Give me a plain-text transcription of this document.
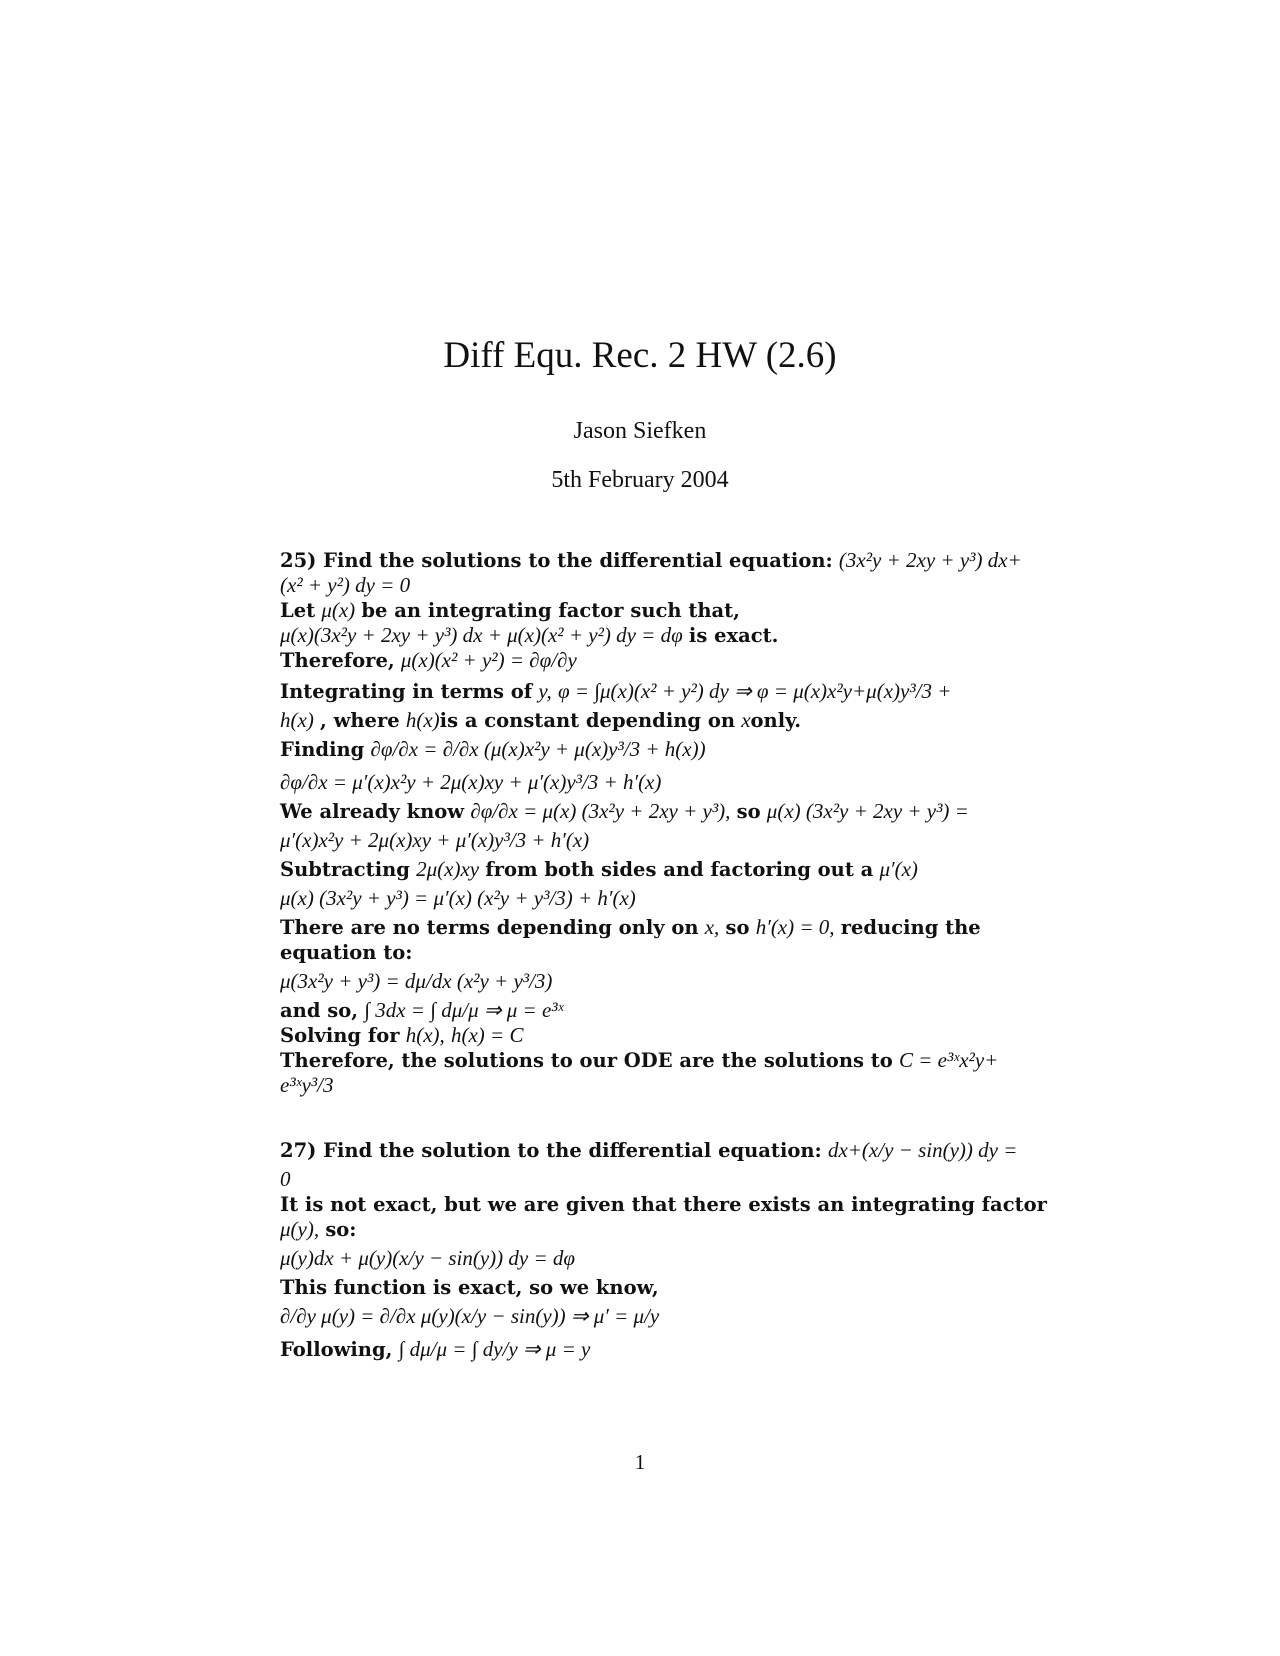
Diff Equ. Rec. 2 HW (2.6)
Jason Siefken
5th February 2004
25) Find the solutions to the differential equation: (3x²y + 2xy + y³) dx+
(x² + y²) dy = 0
Let μ(x) be an integrating factor such that,
μ(x)(3x²y + 2xy + y³) dx + μ(x)(x² + y²) dy = dφ is exact.
Therefore, μ(x)(x² + y²) = ∂φ/∂y
Integrating in terms of y, φ = ∫μ(x)(x² + y²) dy ⇒ φ = μ(x)x²y+μ(x)y³/3 +
h(x) , where h(x)is a constant depending on xonly.
Finding ∂φ/∂x = ∂/∂x (μ(x)x²y + μ(x)y³/3 + h(x))
∂φ/∂x = μ′(x)x²y + 2μ(x)xy + μ′(x)y³/3 + h′(x)
We already know ∂φ/∂x = μ(x) (3x²y + 2xy + y³), so μ(x) (3x²y + 2xy + y³) =
μ′(x)x²y + 2μ(x)xy + μ′(x)y³/3 + h′(x)
Subtracting 2μ(x)xy from both sides and factoring out a μ′(x)
μ(x) (3x²y + y³) = μ′(x) (x²y + y³/3) + h′(x)
There are no terms depending only on x, so h′(x) = 0, reducing the
equation to:
μ(3x²y + y³) = dμ/dx (x²y + y³/3)
and so, ∫ 3dx = ∫ dμ/μ ⇒ μ = e³ˣ
Solving for h(x), h(x) = C
Therefore, the solutions to our ODE are the solutions to C = e³ˣx²y+
e³ˣy³/3
27) Find the solution to the differential equation: dx+(x/y − sin(y)) dy =
0
It is not exact, but we are given that there exists an integrating factor
μ(y), so:
μ(y)dx + μ(y)(x/y − sin(y)) dy = dφ
This function is exact, so we know,
∂/∂y μ(y) = ∂/∂x μ(y)(x/y − sin(y)) ⇒ μ′ = μ/y
Following, ∫ dμ/μ = ∫ dy/y ⇒ μ = y
1
